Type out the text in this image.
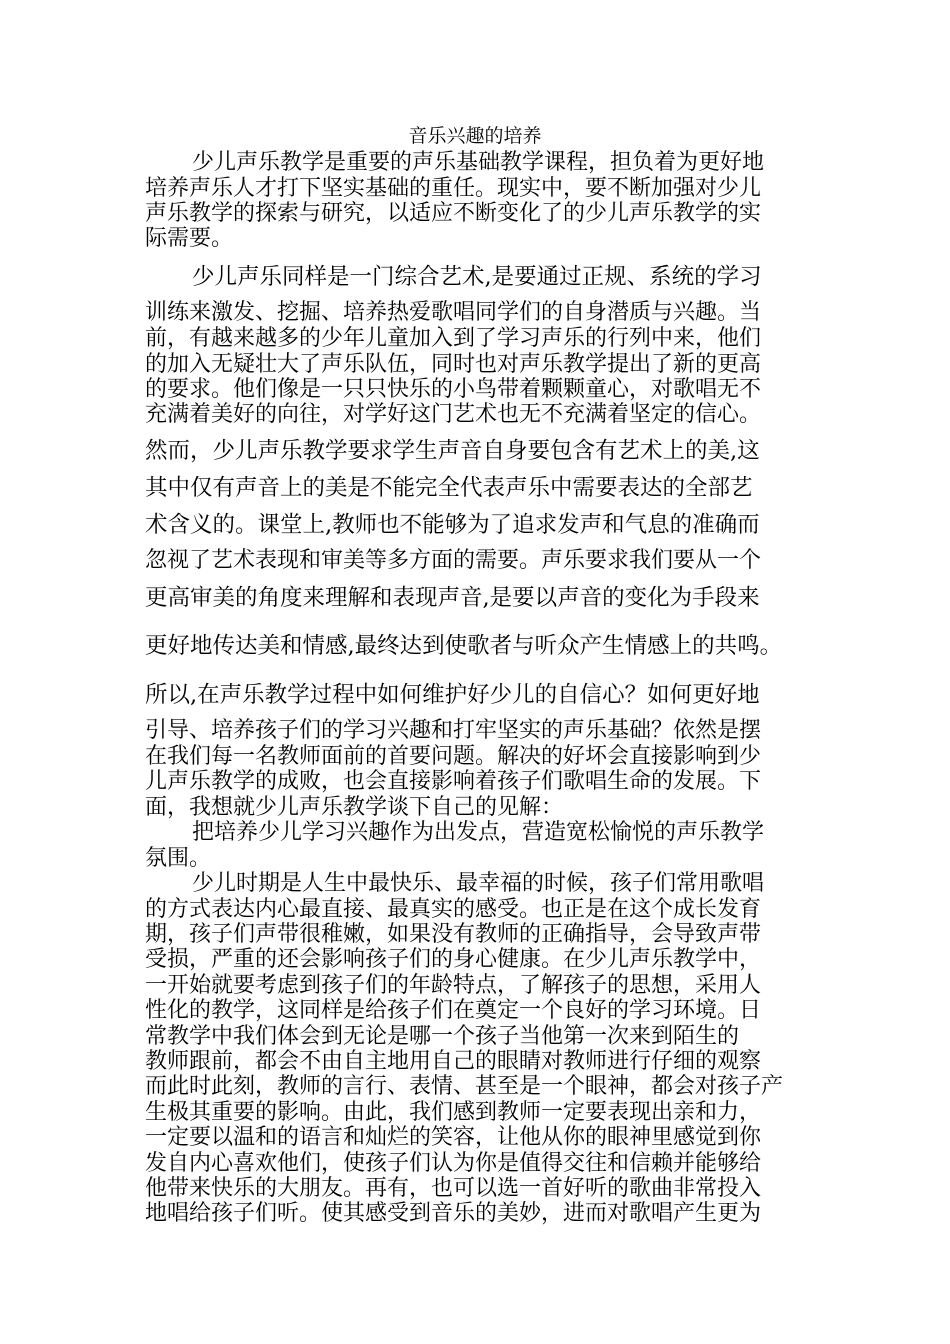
音乐兴趣的培养
少儿声乐教学是重要的声乐基础教学课程，担负着为更好地
培养声乐人才打下坚实基础的重任。现实中，要不断加强对少儿
声乐教学的探索与研究，以适应不断变化了的少儿声乐教学的实
际需要。
少儿声乐同样是一门综合艺术,是要通过正规、系统的学习
训练来激发、挖掘、培养热爱歌唱同学们的自身潜质与兴趣。当
前，有越来越多的少年儿童加入到了学习声乐的行列中来，他们
的加入无疑壮大了声乐队伍，同时也对声乐教学提出了新的更高
的要求。他们像是一只只快乐的小鸟带着颗颗童心，对歌唱无不
充满着美好的向往，对学好这门艺术也无不充满着坚定的信心。
然而，少儿声乐教学要求学生声音自身要包含有艺术上的美,这
其中仅有声音上的美是不能完全代表声乐中需要表达的全部艺
术含义的。课堂上,教师也不能够为了追求发声和气息的准确而
忽视了艺术表现和审美等多方面的需要。声乐要求我们要从一个
更高审美的角度来理解和表现声音,是要以声音的变化为手段来
更好地传达美和情感,最终达到使歌者与听众产生情感上的共鸣。
所以,在声乐教学过程中如何维护好少儿的自信心？如何更好地
引导、培养孩子们的学习兴趣和打牢坚实的声乐基础？依然是摆
在我们每一名教师面前的首要问题。解决的好坏会直接影响到少
儿声乐教学的成败，也会直接影响着孩子们歌唱生命的发展。下
面，我想就少儿声乐教学谈下自己的见解：
把培养少儿学习兴趣作为出发点，营造宽松愉悦的声乐教学
氛围。
少儿时期是人生中最快乐、最幸福的时候，孩子们常用歌唱
的方式表达内心最直接、最真实的感受。也正是在这个成长发育
期，孩子们声带很稚嫩，如果没有教师的正确指导，会导致声带
受损，严重的还会影响孩子们的身心健康。在少儿声乐教学中，
一开始就要考虑到孩子们的年龄特点，了解孩子的思想，采用人
性化的教学，这同样是给孩子们在奠定一个良好的学习环境。日
常教学中我们体会到无论是哪一个孩子当他第一次来到陌生的
教师跟前，都会不由自主地用自己的眼睛对教师进行仔细的观察
而此时此刻，教师的言行、表情、甚至是一个眼神，都会对孩子产
生极其重要的影响。由此，我们感到教师一定要表现出亲和力，
一定要以温和的语言和灿烂的笑容，让他从你的眼神里感觉到你
发自内心喜欢他们，使孩子们认为你是值得交往和信赖并能够给
他带来快乐的大朋友。再有，也可以选一首好听的歌曲非常投入
地唱给孩子们听。使其感受到音乐的美妙，进而对歌唱产生更为
